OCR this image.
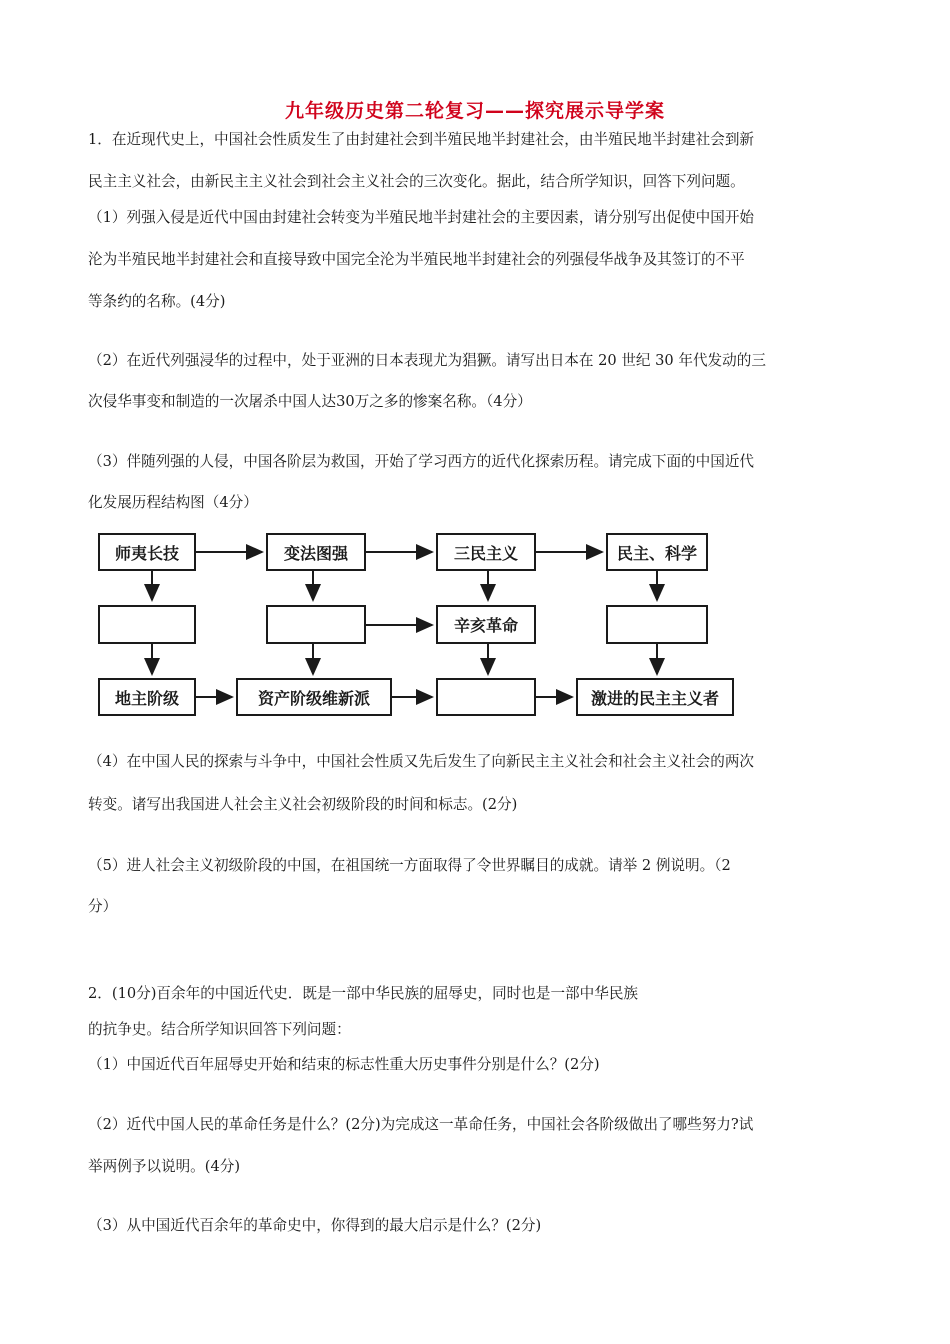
九年级历史第二轮复习——探究展示导学案
1．在近现代史上，中国社会性质发生了由封建社会到半殖民地半封建社会，由半殖民地半封建社会到新
民主主义社会，由新民主主义社会到社会主义社会的三次变化。据此，结合所学知识，回答下列问题。
（1）列强入侵是近代中国由封建社会转变为半殖民地半封建社会的主要因素，请分别写出促使中国开始
沦为半殖民地半封建社会和直接导致中国完全沦为半殖民地半封建社会的列强侵华战争及其签订的不平
等条约的名称。(4分)
（2）在近代列强浸华的过程中，处于亚洲的日本表现尤为猖獗。请写出日本在 20 世纪 30 年代发动的三
次侵华事变和制造的一次屠杀中国人达30万之多的惨案名称。（4分）
（3）伴随列强的人侵，中国各阶层为救国，开始了学习西方的近代化探索历程。请完成下面的中国近代
化发展历程结构图（4分）
师夷长技	变法图强	三民主义	民主、科学
辛亥革命
地主阶级	资产阶级维新派	激进的民主主义者
（4）在中国人民的探索与斗争中，中国社会性质又先后发生了向新民主主义社会和社会主义社会的两次
转变。诸写出我国进人社会主义社会初级阶段的时间和标志。(2分)
（5）进人社会主义初级阶段的中国，在祖国统一方面取得了令世界瞩目的成就。请举 2 例说明。（2
分）
2．(10分)百余年的中国近代史．既是一部中华民族的屈辱史，同时也是一部中华民族
的抗争史。结合所学知识回答下列问题：
（1）中国近代百年屈辱史开始和结束的标志性重大历史事件分别是什么？(2分)
（2）近代中国人民的革命任务是什么？(2分)为完成这一革命任务，中国社会各阶级做出了哪些努力?试
举两例予以说明。(4分)
（3）从中国近代百余年的革命史中，你得到的最大启示是什么？(2分)
